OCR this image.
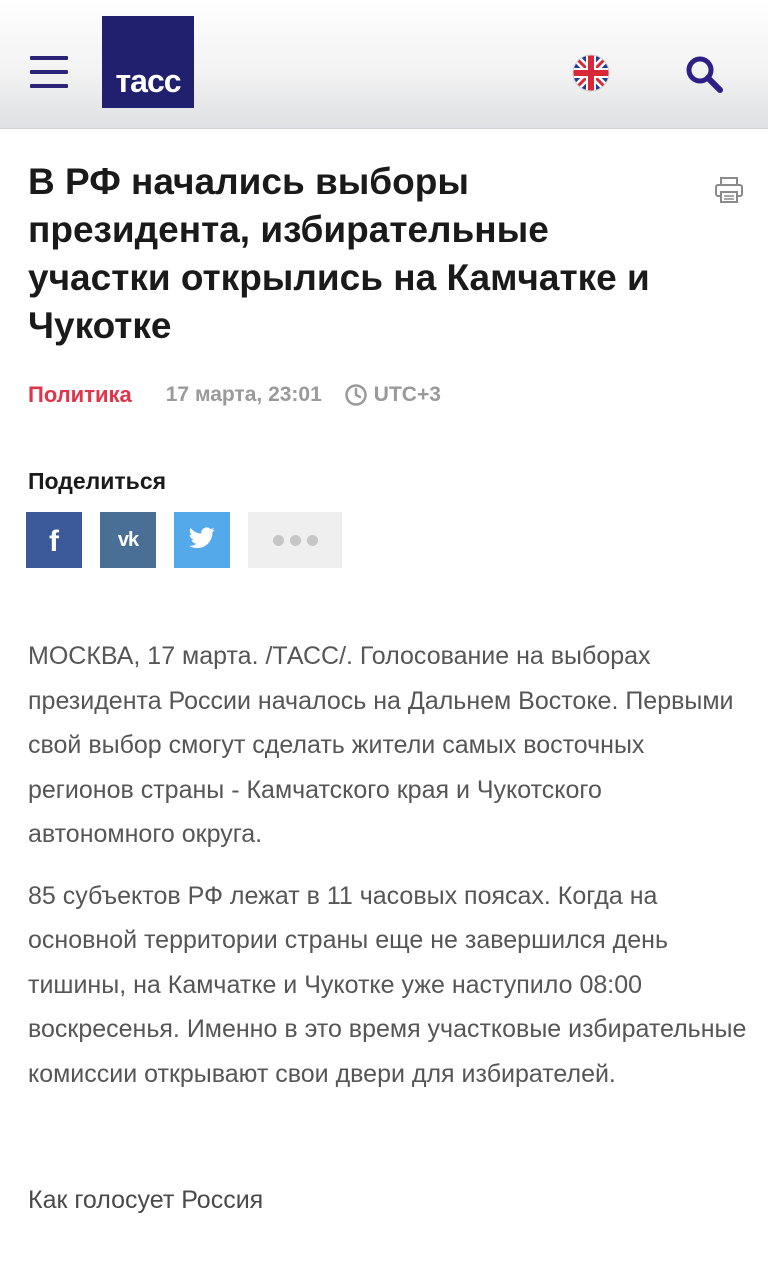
тасс
В РФ начались выборы президента, избирательные участки открылись на Камчатке и Чукотке
Политика 17 марта, 23:01 UTC+3
Поделиться
f	vk

МОСКВА, 17 марта. /ТАСС/. Голосование на выборах президента России началось на Дальнем Востоке. Первыми свой выбор смогут сделать жители самых восточных регионов страны - Камчатского края и Чукотского автономного округа.

85 субъектов РФ лежат в 11 часовых поясах. Когда на основной территории страны еще не завершился день тишины, на Камчатке и Чукотке уже наступило 08:00 воскресенья. Именно в это время участковые избирательные комиссии открывают свои двери для избирателей.

Как голосует Россия
